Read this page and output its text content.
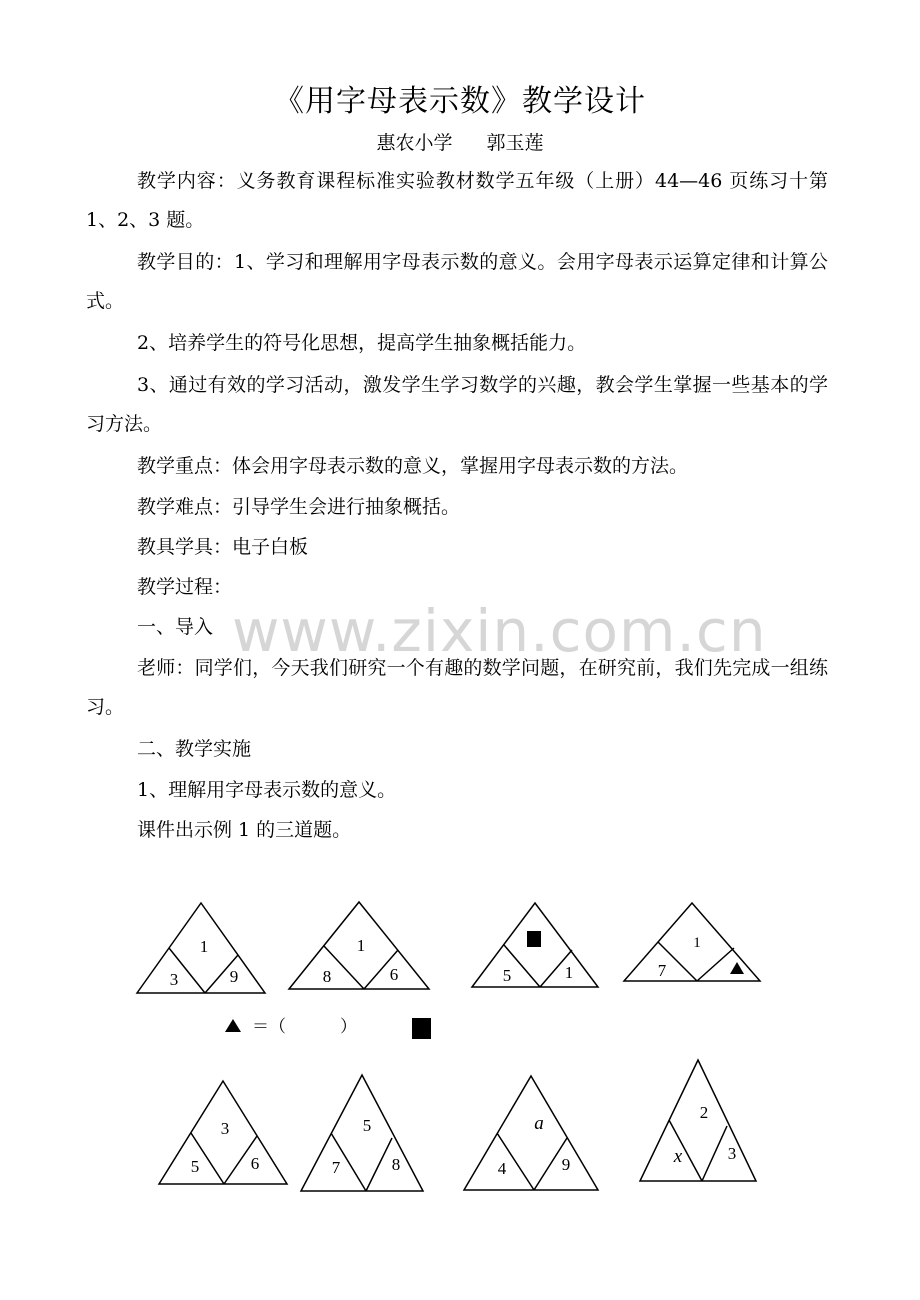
《用字母表示数》教学设计
惠农小学 郭玉莲
www.zixin.com.cn

教学内容：义务教育课程标准实验教材数学五年级（上册）44—46 页练习十第 1、2、3 题。

教学目的：1、学习和理解用字母表示数的意义。会用字母表示运算定律和计算公式。

2、培养学生的符号化思想，提高学生抽象概括能力。

3、通过有效的学习活动，激发学生学习数学的兴趣，教会学生掌握一些基本的学习方法。

教学重点：体会用字母表示数的意义，掌握用字母表示数的方法。

教学难点：引导学生会进行抽象概括。

教具学具：电子白板

教学过程：

一、导入

老师：同学们，今天我们研究一个有趣的数学问题，在研究前，我们先完成一组练习。

二、教学实施

1、理解用字母表示数的意义。

课件出示例 1 的三道题。

1
3	9
1
8	6
■
5	1
1
7	▲
＝（	）
3
5	6
5
7	8
a
4	9
2
x	3
